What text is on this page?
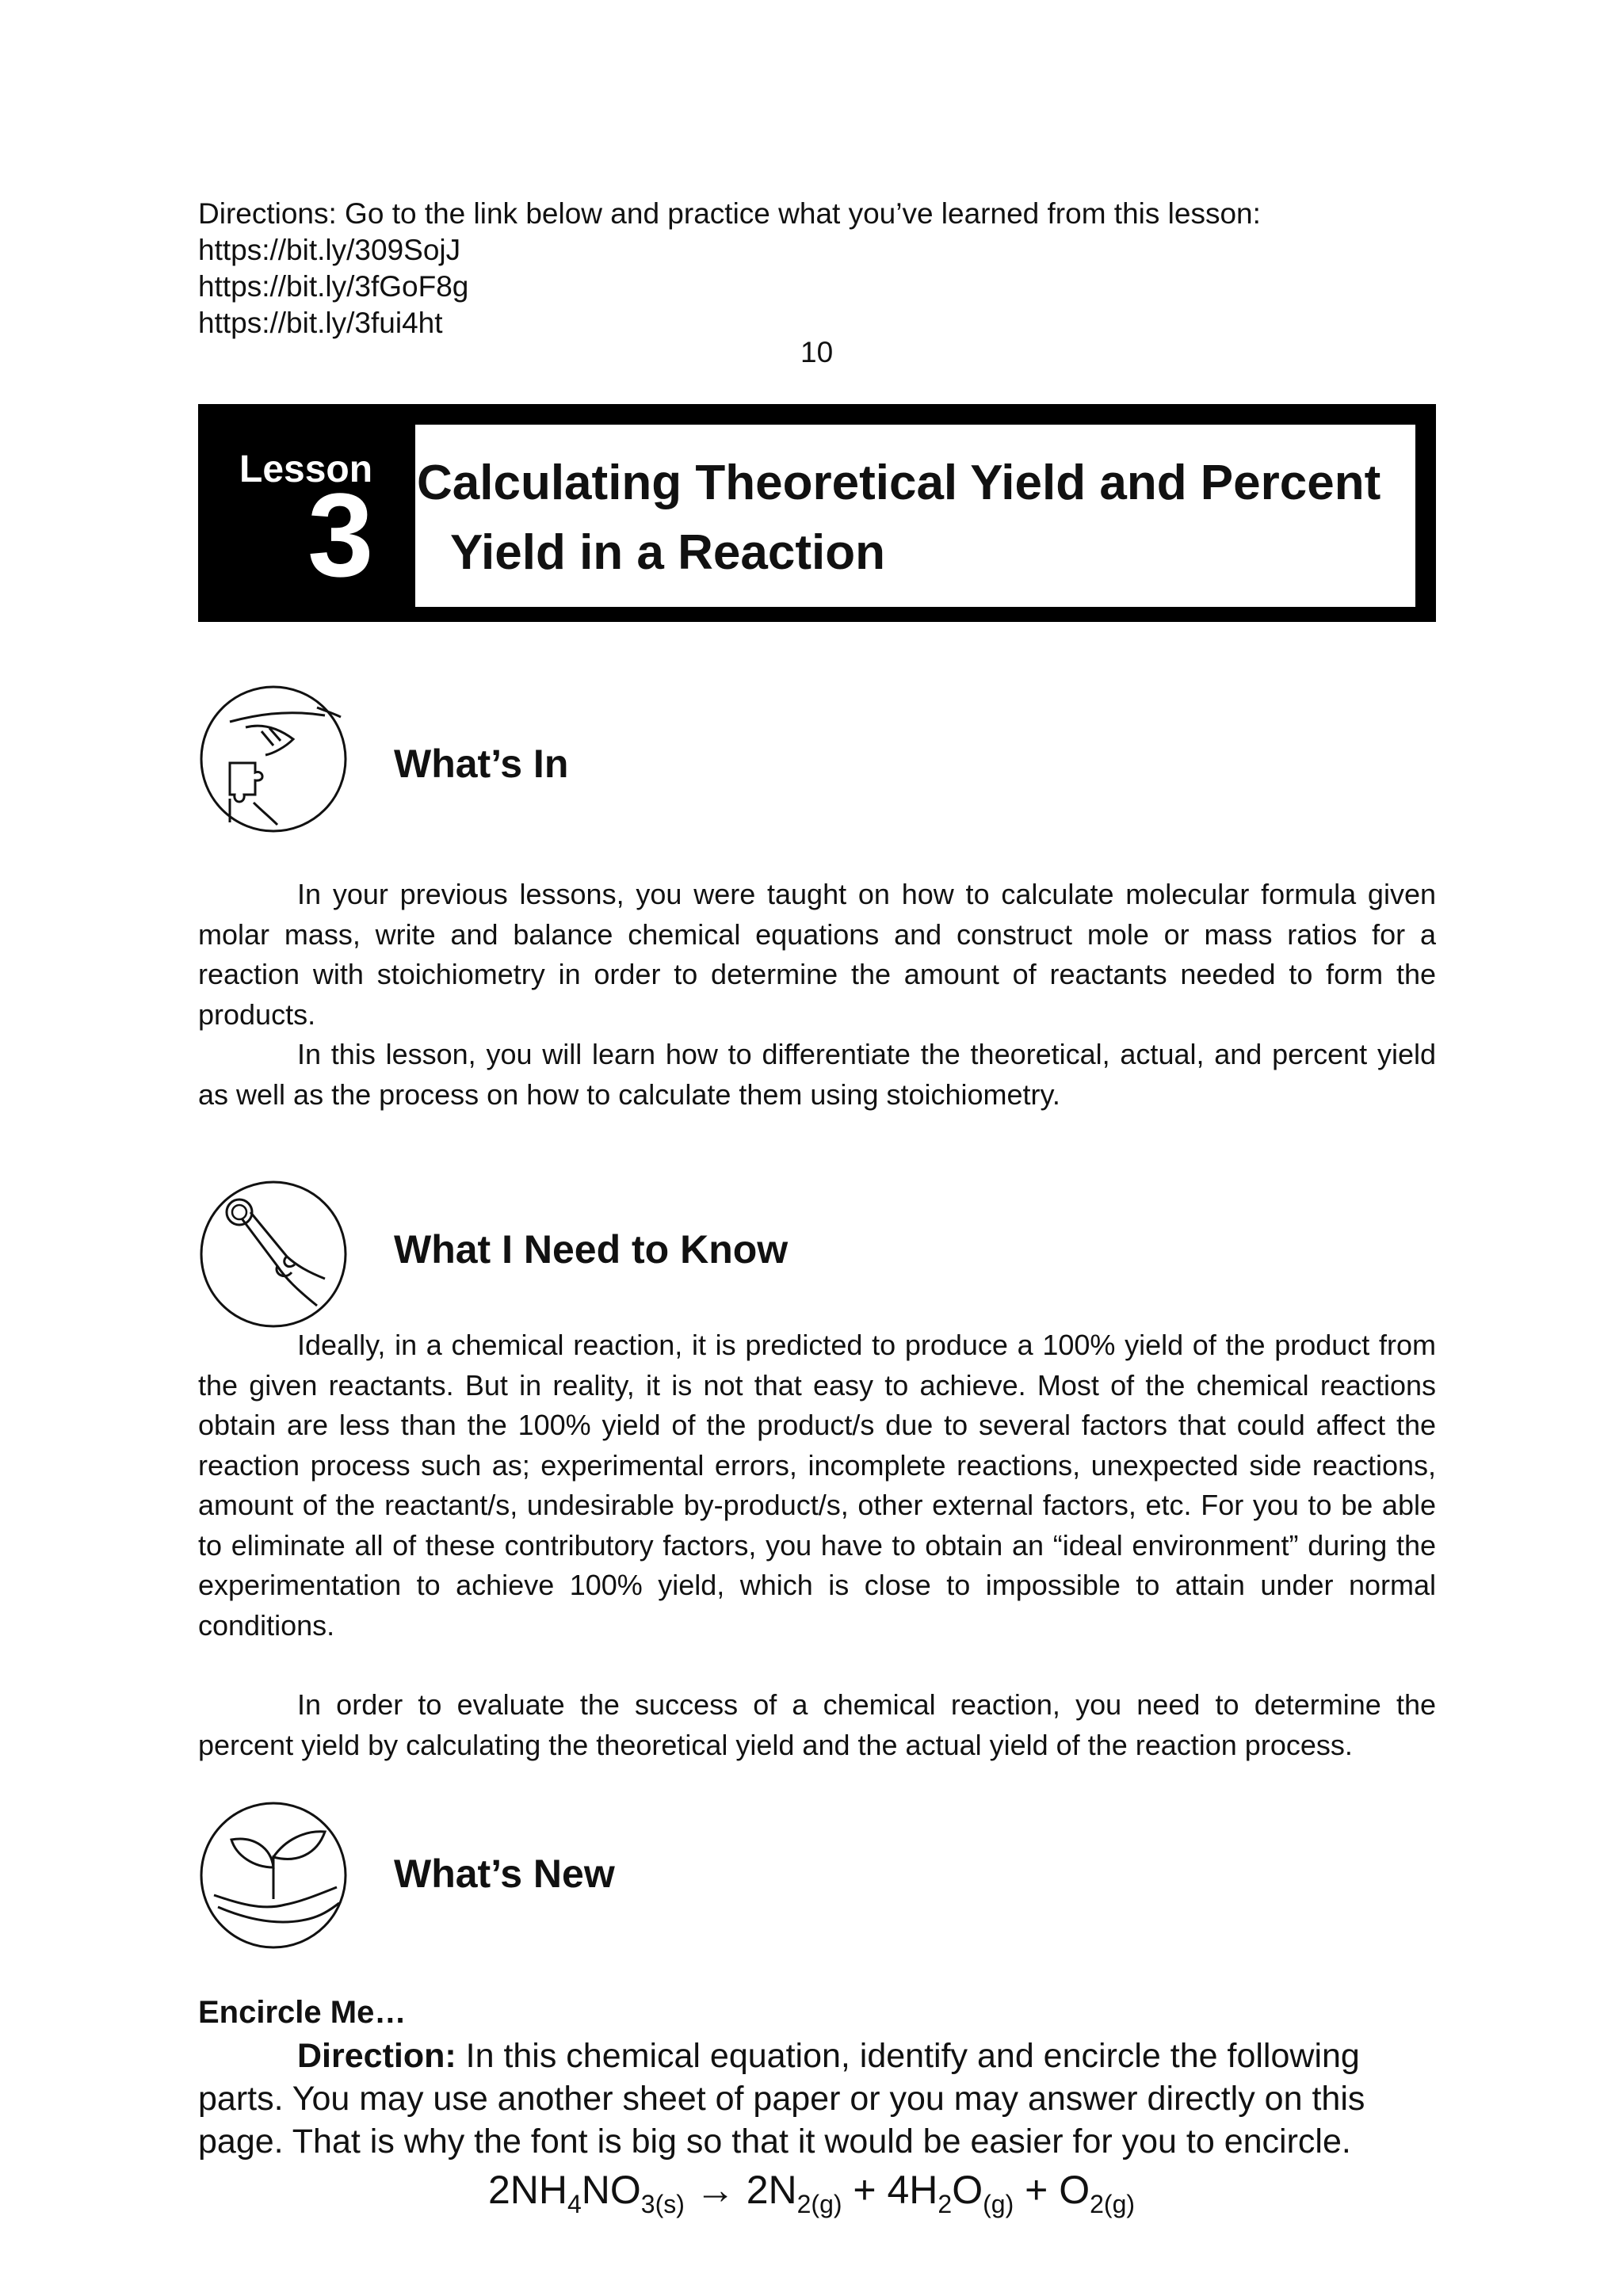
Directions: Go to the link below and practice what you’ve learned from this lesson:
https://bit.ly/309SojJ
https://bit.ly/3fGoF8g
https://bit.ly/3fui4ht
10
Lesson
3 Calculating Theoretical Yield and Percent
Yield in a Reaction
What’s In

In your previous lessons, you were taught on how to calculate molecular formula given molar mass, write and balance chemical equations and construct mole or mass ratios for a reaction with stoichiometry in order to determine the amount of reactants needed to form the products.

In this lesson, you will learn how to differentiate the theoretical, actual, and percent yield as well as the process on how to calculate them using stoichiometry.

What I Need to Know

Ideally, in a chemical reaction, it is predicted to produce a 100% yield of the product from the given reactants. But in reality, it is not that easy to achieve. Most of the chemical reactions obtain are less than the 100% yield of the product/s due to several factors that could affect the reaction process such as; experimental errors, incomplete reactions, unexpected side reactions, amount of the reactant/s, undesirable by-product/s, other external factors, etc. For you to be able to eliminate all of these contributory factors, you have to obtain an “ideal environment” during the experimentation to achieve 100% yield, which is close to impossible to attain under normal conditions.

In order to evaluate the success of a chemical reaction, you need to determine the percent yield by calculating the theoretical yield and the actual yield of the reaction process.

What’s New
Encircle Me…
Direction: In this chemical equation, identify and encircle the following parts. You may use another sheet of paper or you may answer directly on this page. That is why the font is big so that it would be easier for you to encircle.
$2NH_4NO_{3(s)} \to 2N_{2(g)} + 4H_2O_{(g)} + O_{2(g)}$
